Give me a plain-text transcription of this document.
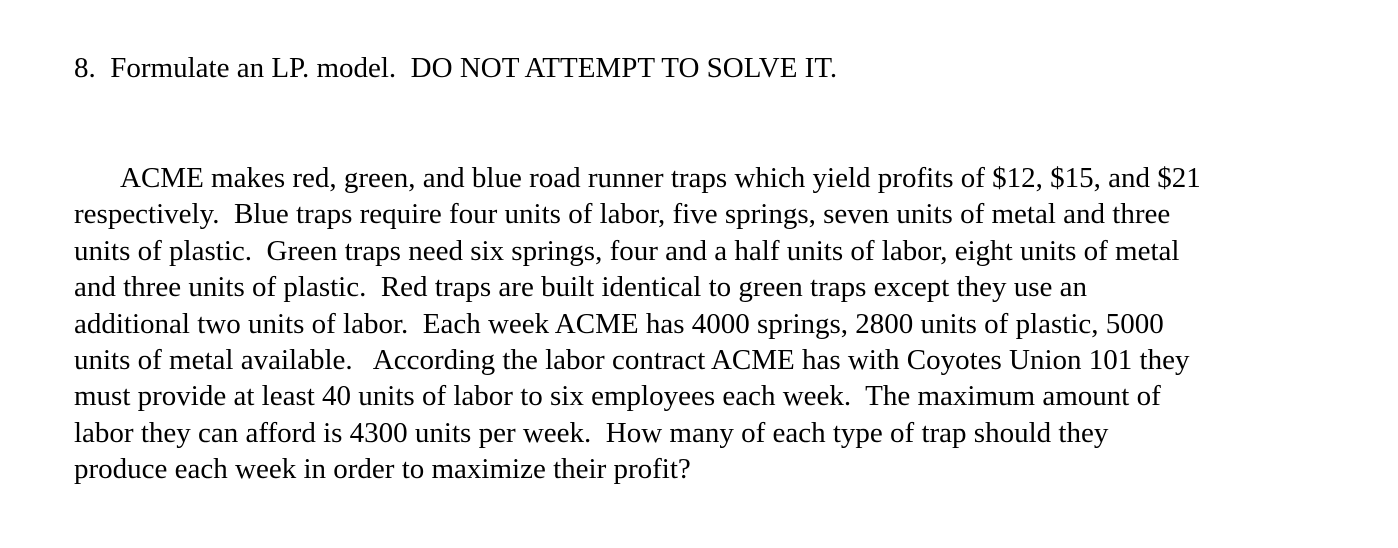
8.  Formulate an LP. model.  DO NOT ATTEMPT TO SOLVE IT.
ACME makes red, green, and blue road runner traps which yield profits of $12, $15, and $21
respectively.  Blue traps require four units of labor, five springs, seven units of metal and three
units of plastic.  Green traps need six springs, four and a half units of labor, eight units of metal
and three units of plastic.  Red traps are built identical to green traps except they use an
additional two units of labor.  Each week ACME has 4000 springs, 2800 units of plastic, 5000
units of metal available.   According the labor contract ACME has with Coyotes Union 101 they
must provide at least 40 units of labor to six employees each week.  The maximum amount of
labor they can afford is 4300 units per week.  How many of each type of trap should they
produce each week in order to maximize their profit?
